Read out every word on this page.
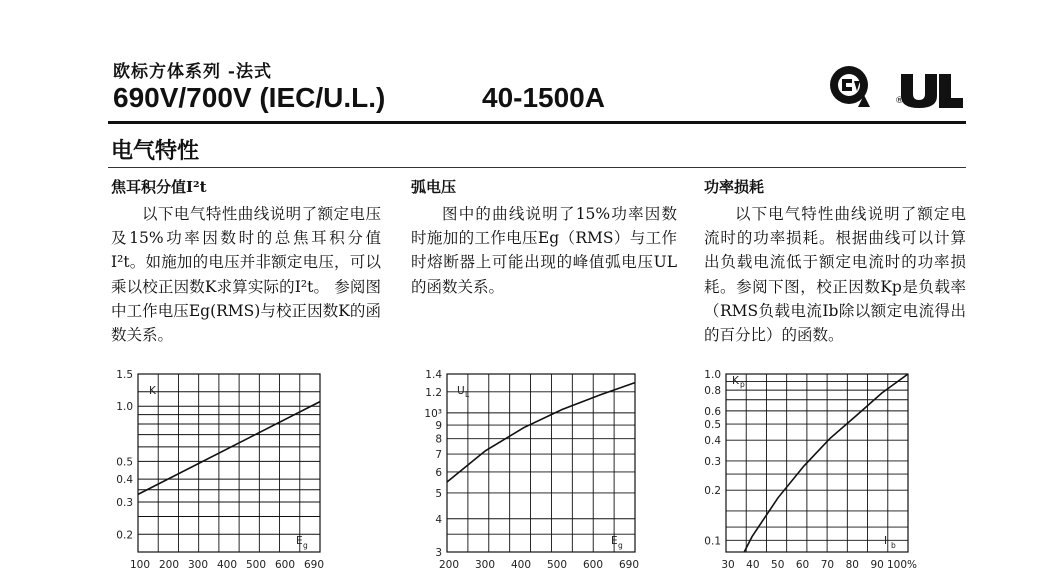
欧标方体系列 -法式
690V/700V (IEC/U.L.)	40-1500A	®
电气特性
焦耳积分值I²t

以下电气特性曲线说明了额定电压及15%功率因数时的总焦耳积分值I²t。如施加的电压并非额定电压，可以乘以校正因数K求算实际的I²t。 参阅图中工作电压Eg(RMS)与校正因数K的函数关系。

弧电压

图中的曲线说明了15%功率因数时施加的工作电压Eg（RMS）与工作时熔断器上可能出现的峰值弧电压UL的函数关系。

功率损耗

以下电气特性曲线说明了额定电流时的功率损耗。根据曲线可以计算出负载电流低于额定电流时的功率损耗。参阅下图，校正因数Kp是负载率（RMS负载电流Ib除以额定电流得出的百分比）的函数。

1.5
1.0
0.5
0.4
0.3
0.2
100 200 300 400 500 600 690
K
E g
1.4
1.2
10³
9
8
7
6
5
4
3
200 300 400 500 600 690
U L
E g
1.0
0.8
0.6
0.5
0.4
0.3
0.2
0.1
30 40 50 60 70 80 90 100%
K p
I b
